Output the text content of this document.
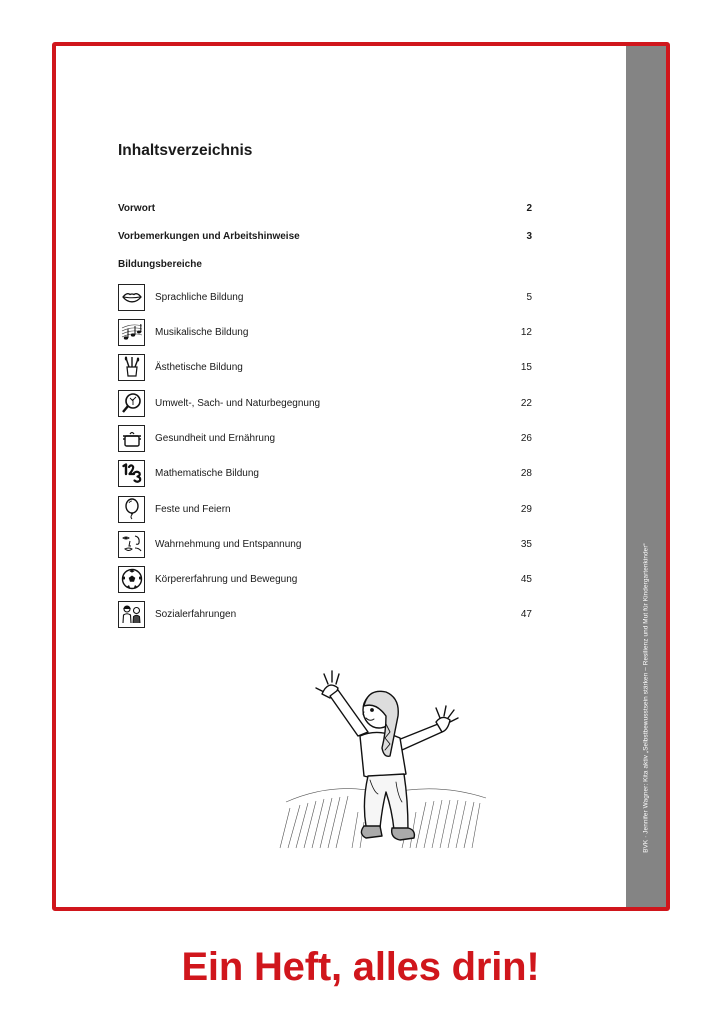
Inhaltsverzeichnis
Vorwort	2
Vorbemerkungen und Arbeitshinweise	3
Bildungsbereiche
Sprachliche Bildung	5
Musikalische Bildung	12
Ästhetische Bildung	15
Umwelt-, Sach- und Naturbegegnung	22
Gesundheit und Ernährung	26
Mathematische Bildung	28
Feste und Feiern	29
Wahrnehmung und Entspannung	35
Körpererfahrung und Bewegung	45
Sozialerfahrungen	47	BVK · Jennifer Wagner: Kita aktiv „Selbstbewusstsein stärken – Resilienz und Mut für Kindergartenkinder“
Ein Heft, alles drin!
